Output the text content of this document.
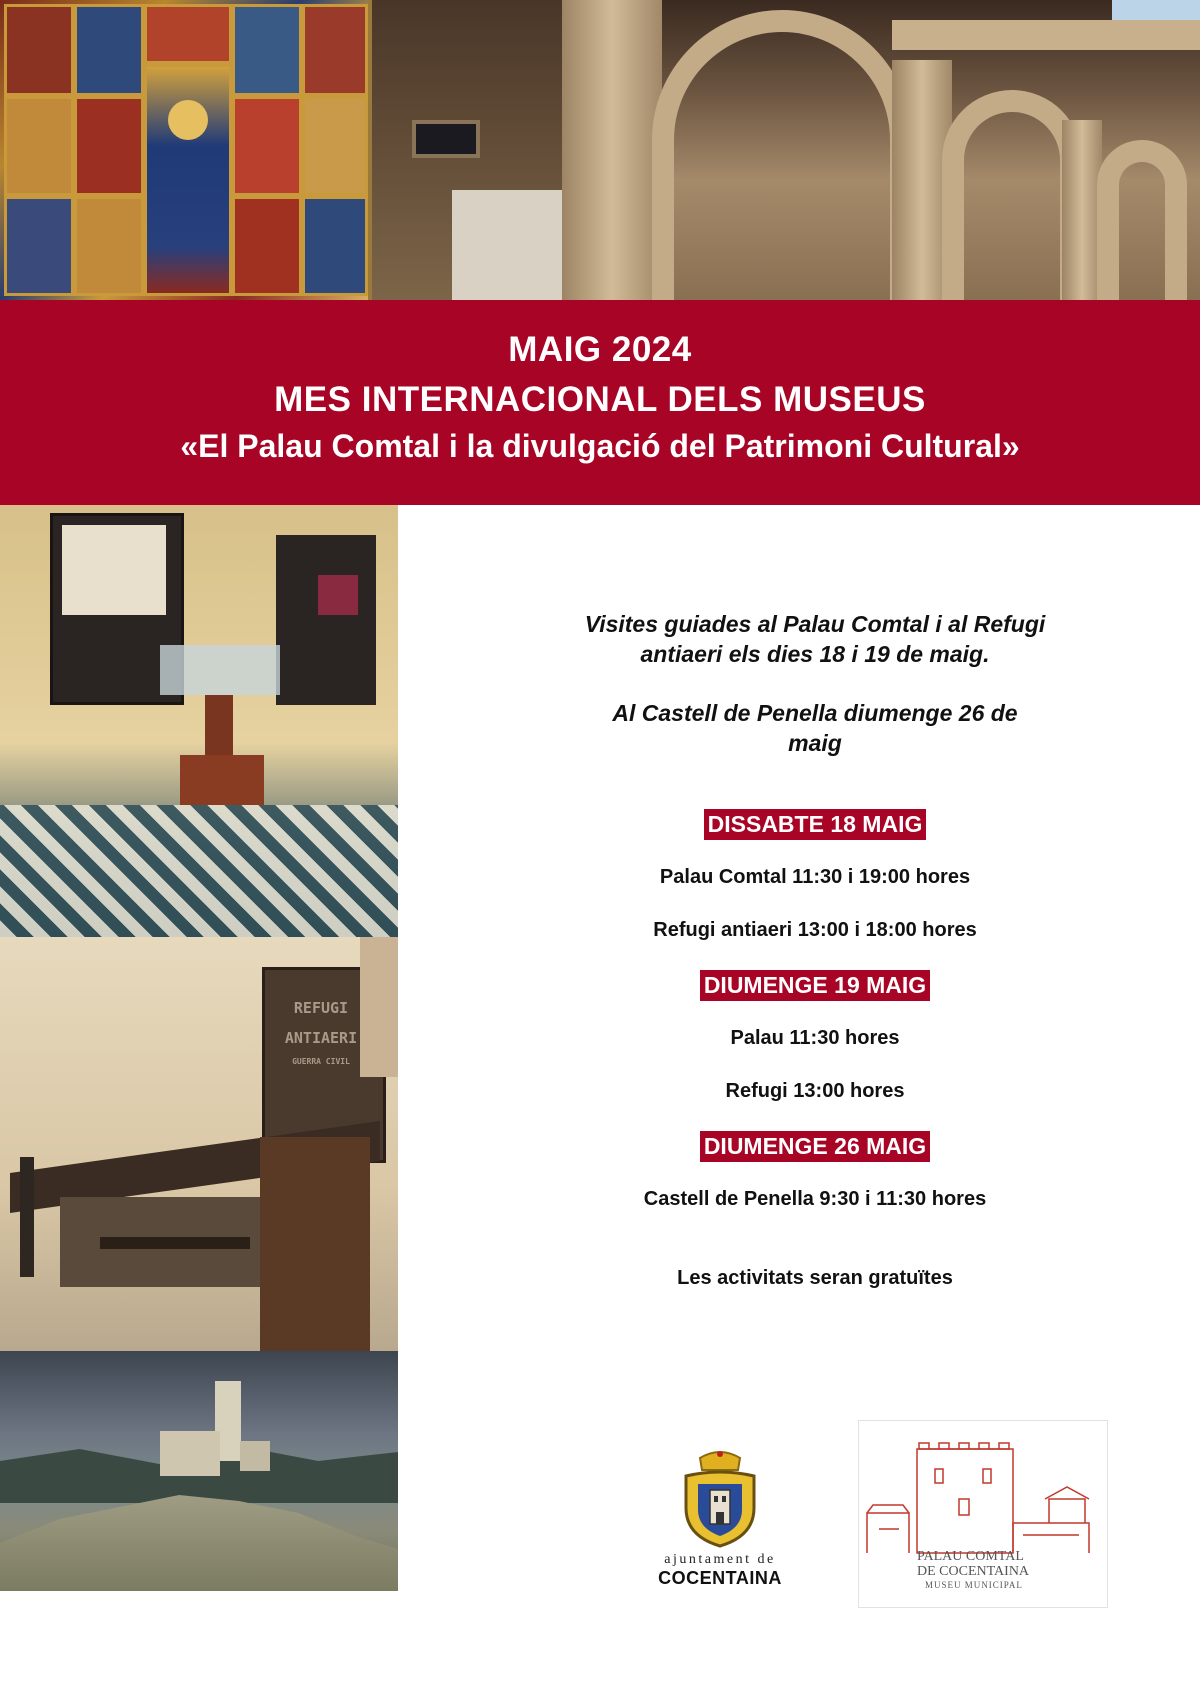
MAIG 2024
MES INTERNACIONAL DELS MUSEUS
«El Palau Comtal i la divulgació del Patrimoni Cultural»
REFUGI
ANTIAERI
GUERRA CIVIL
Visites guiades al Palau Comtal i al Refugi
antiaeri els dies 18 i 19 de maig.
Al Castell de Penella diumenge 26 de
maig
DISSABTE 18 MAIG
Palau Comtal 11:30 i 19:00 hores
Refugi antiaeri 13:00 i 18:00 hores
DIUMENGE 19 MAIG
Palau 11:30 hores
Refugi 13:00 hores
DIUMENGE 26 MAIG
Castell de Penella 9:30 i 11:30 hores
Les activitats seran gratuïtes
ajuntament de
COCENTAINA
PALAU COMTAL
DE COCENTAINA
MUSEU MUNICIPAL
